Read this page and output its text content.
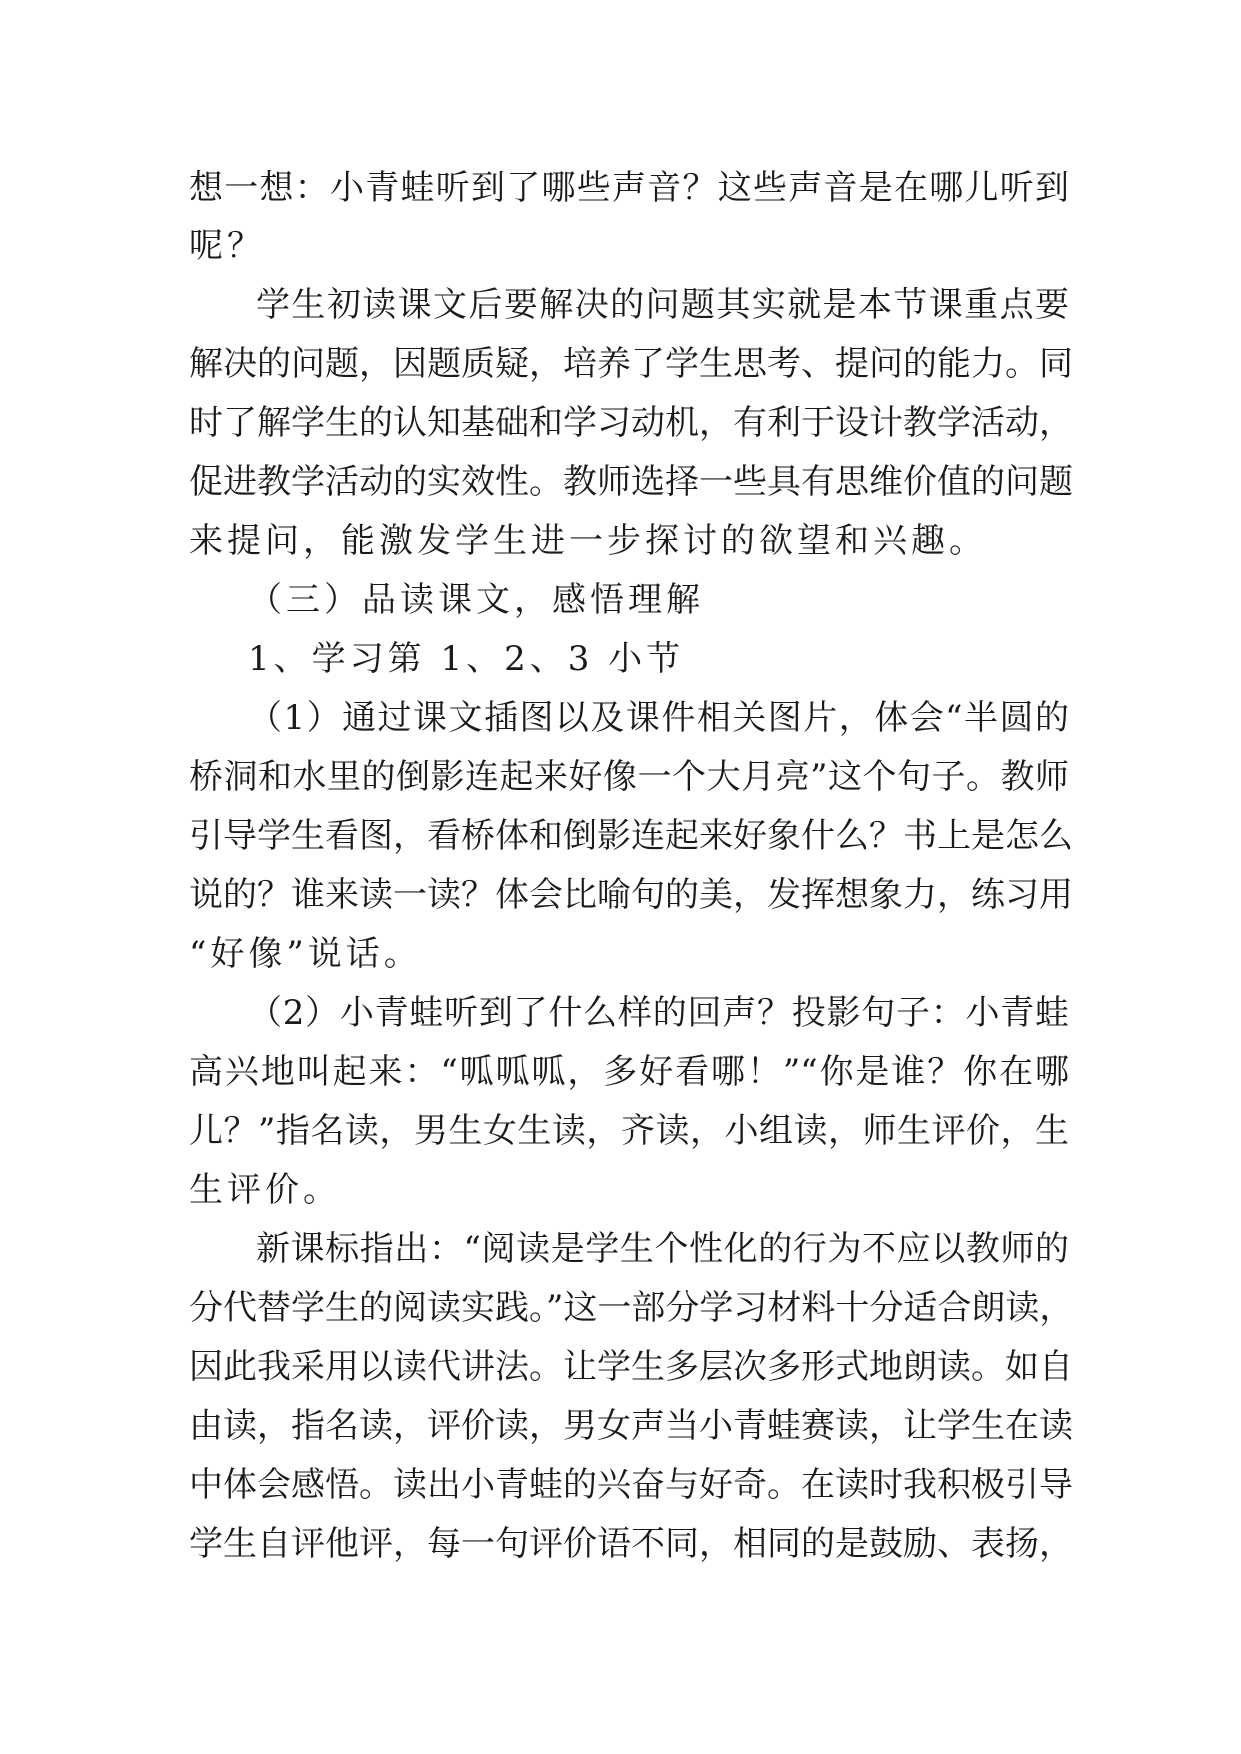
想一想：小青蛙听到了哪些声音？这些声音是在哪儿听到
呢？
学生初读课文后要解决的问题其实就是本节课重点要
解决的问题，因题质疑，培养了学生思考、提问的能力。同
时了解学生的认知基础和学习动机，有利于设计教学活动，
促进教学活动的实效性。教师选择一些具有思维价值的问题
来提问，能激发学生进一步探讨的欲望和兴趣。
（三）品读课文，感悟理解
1、学习第 1、2、3 小节
（1）通过课文插图以及课件相关图片，体会“半圆的
桥洞和水里的倒影连起来好像一个大月亮”这个句子。教师
引导学生看图，看桥体和倒影连起来好象什么？书上是怎么
说的？谁来读一读？体会比喻句的美，发挥想象力，练习用
“好像”说话。
（2）小青蛙听到了什么样的回声？投影句子：小青蛙
高兴地叫起来：“呱呱呱，多好看哪！”“你是谁？你在哪
儿？”指名读，男生女生读，齐读，小组读，师生评价，生
生评价。
新课标指出：“阅读是学生个性化的行为不应以教师的
分代替学生的阅读实践。”这一部分学习材料十分适合朗读，
因此我采用以读代讲法。让学生多层次多形式地朗读。如自
由读，指名读，评价读，男女声当小青蛙赛读，让学生在读
中体会感悟。读出小青蛙的兴奋与好奇。在读时我积极引导
学生自评他评，每一句评价语不同，相同的是鼓励、表扬，
